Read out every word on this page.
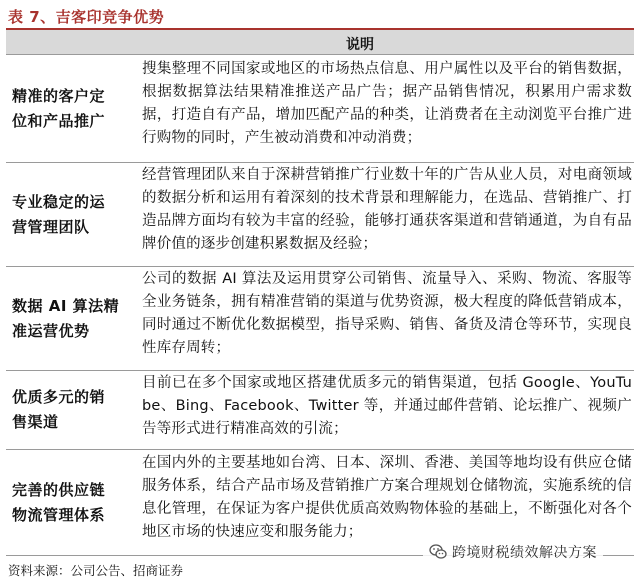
表 7、吉客印竞争优势
说明
精准的客户定
位和产品推广
搜集整理不同国家或地区的市场热点信息、用户属性以及平台的销售数据，根据数据算法结果精准推送产品广告；据产品销售情况，积累用户需求数据，打造自有产品，增加匹配产品的种类，让消费者在主动浏览平台推广进行购物的同时，产生被动消费和冲动消费；
专业稳定的运
营管理团队
经营管理团队来自于深耕营销推广行业数十年的广告从业人员，对电商领域的数据分析和运用有着深刻的技术背景和理解能力，在选品、营销推广、打造品牌方面均有较为丰富的经验，能够打通获客渠道和营销通道，为自有品牌价值的逐步创建积累数据及经验；
数据 AI 算法精
准运营优势
公司的数据 AI 算法及运用贯穿公司销售、流量导入、采购、物流、客服等全业务链条，拥有精准营销的渠道与优势资源，极大程度的降低营销成本，同时通过不断优化数据模型，指导采购、销售、备货及清仓等环节，实现良性库存周转；
优质多元的销
售渠道
目前已在多个国家或地区搭建优质多元的销售渠道，包括 Google、YouTube、Bing、Facebook、Twitter 等，并通过邮件营销、论坛推广、视频广告等形式进行精准高效的引流；
完善的供应链
物流管理体系
在国内外的主要基地如台湾、日本、深圳、香港、美国等地均设有供应仓储服务体系，结合产品市场及营销推广方案合理规划仓储物流，实施系统的信息化管理，在保证为客户提供优质高效购物体验的基础上，不断强化对各个地区市场的快速应变和服务能力；
资料来源：公司公告、招商证券
跨境财税绩效解决方案
